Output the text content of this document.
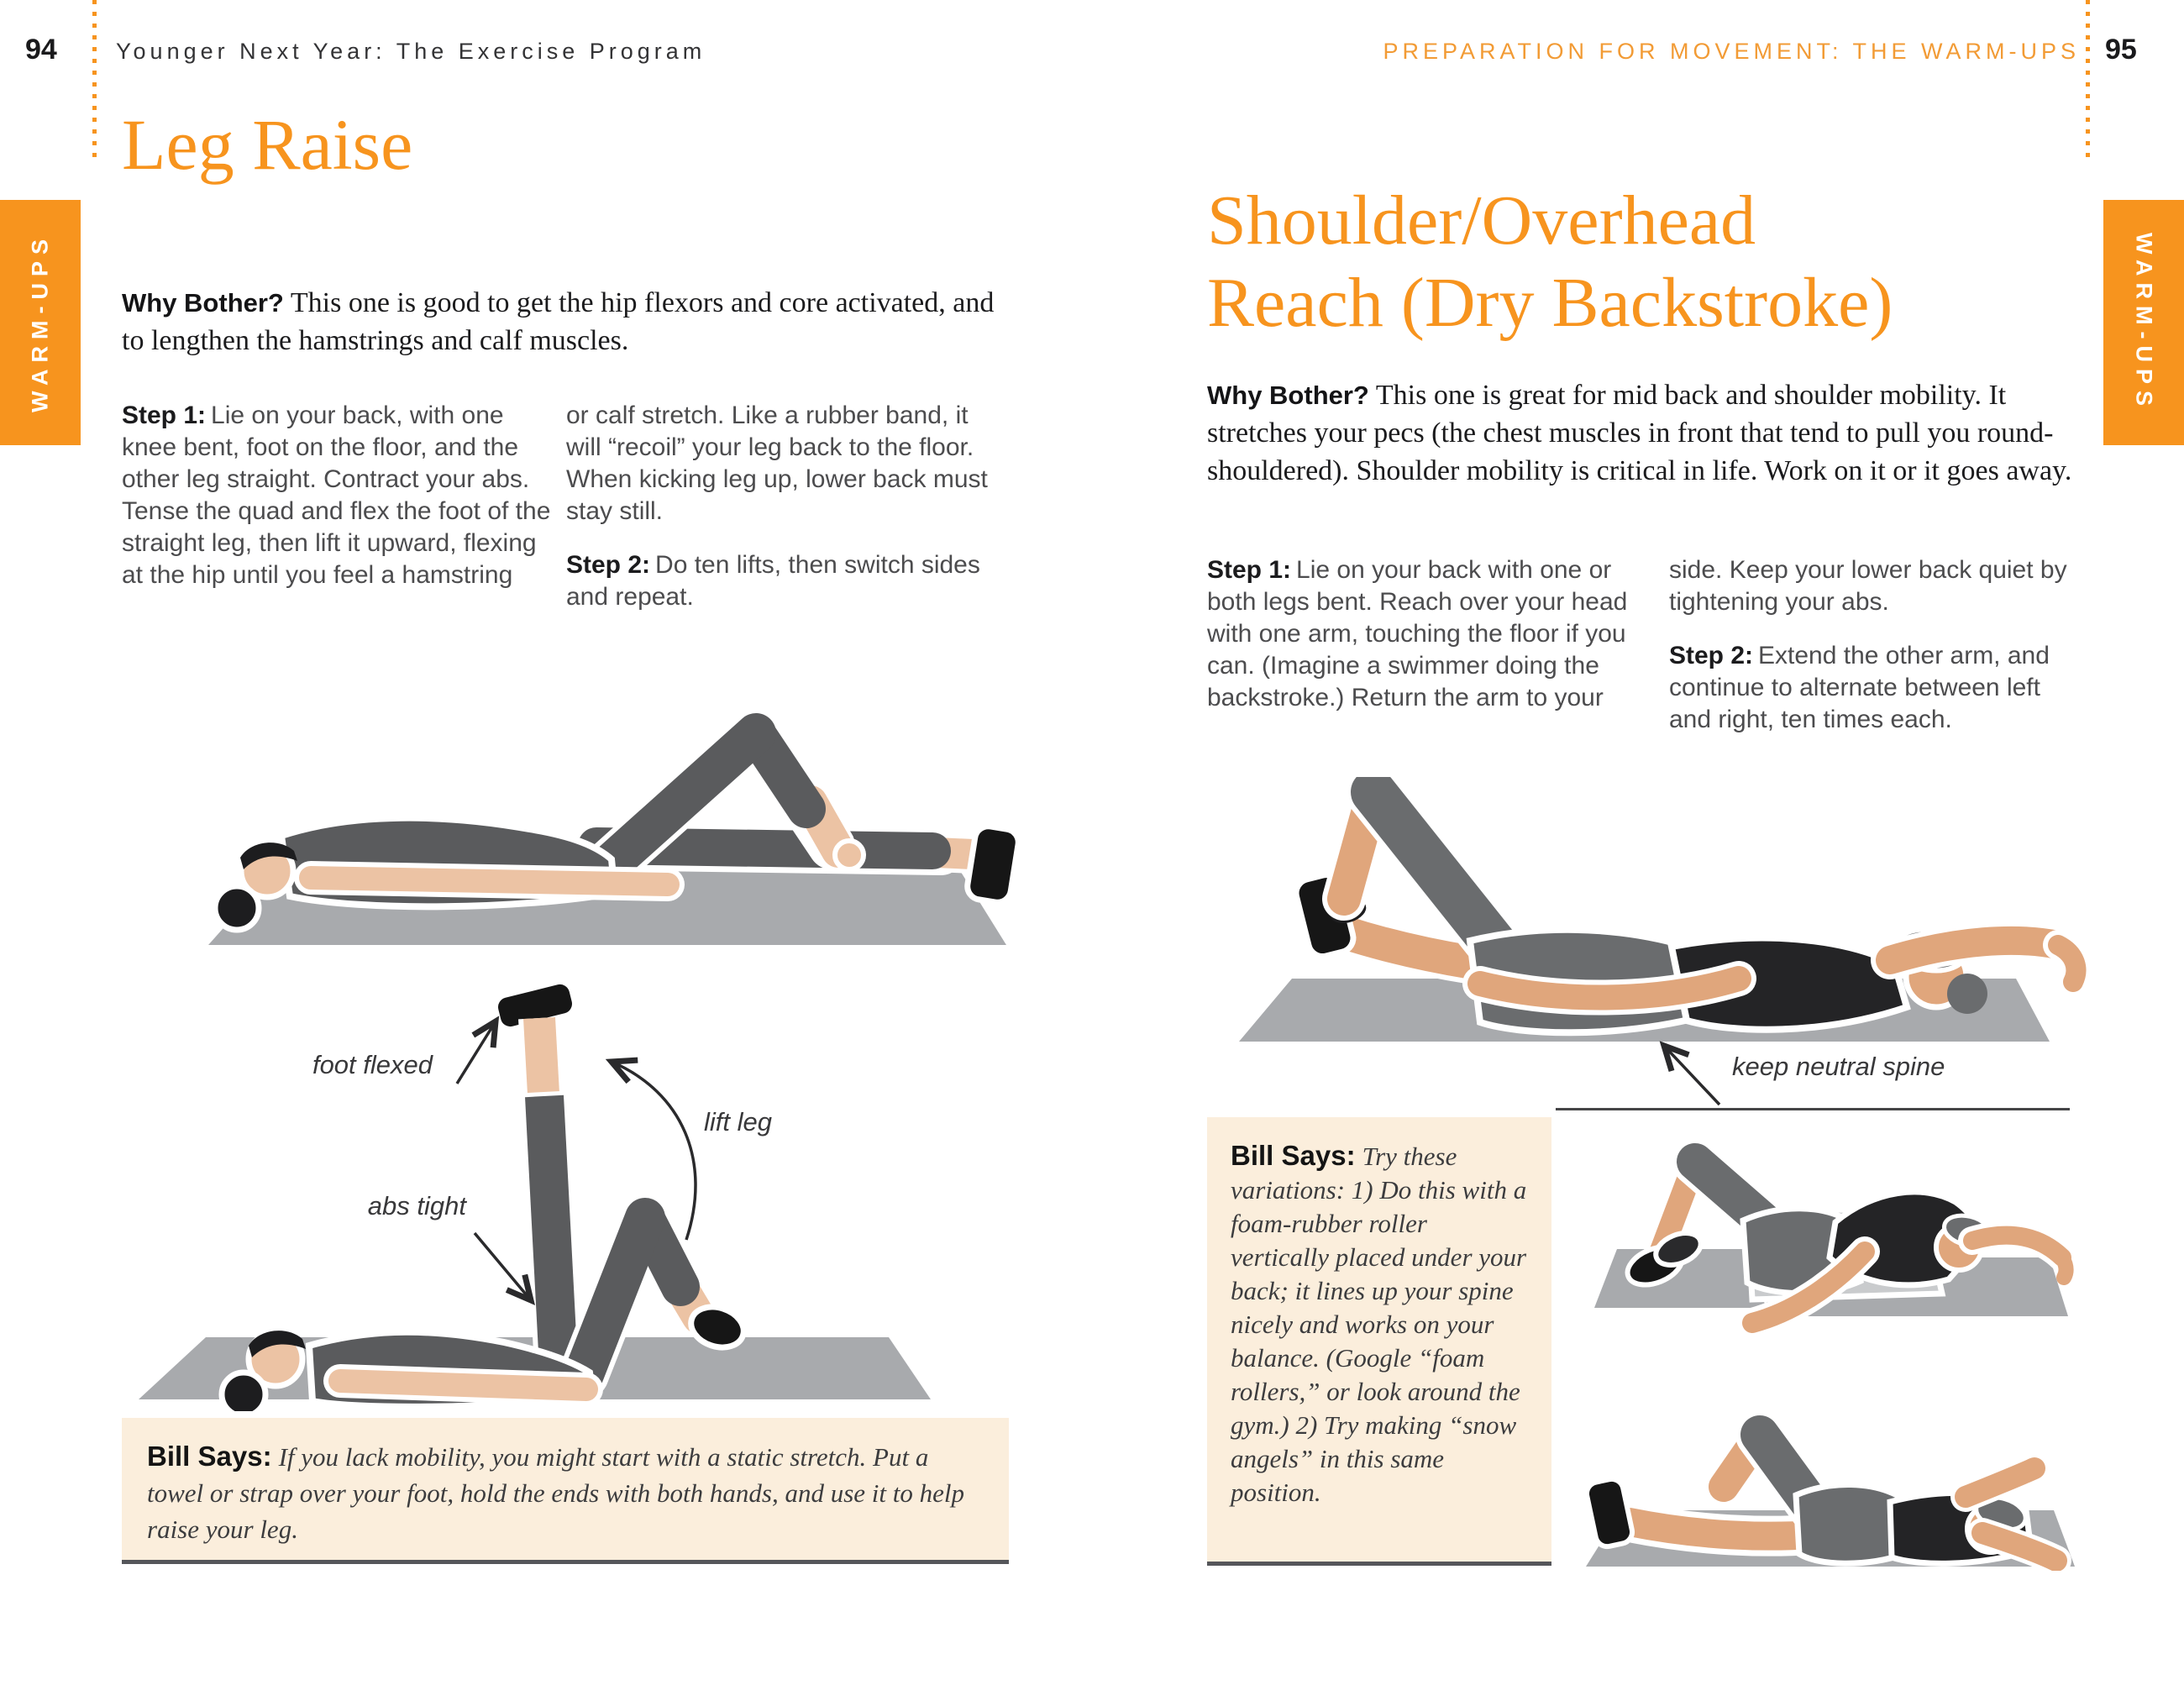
94	Younger Next Year: The Exercise Program	PREPARATION FOR MOVEMENT: THE WARM-UPS 95
WARM-UPS	WARM-UPS
Leg Raise
Why Bother? This one is good to get the hip flexors and core activated, and to lengthen the hamstrings and calf muscles.

Step 1: Lie on your back, with one knee bent, foot on the floor, and the other leg straight. Contract your abs. Tense the quad and flex the foot of the straight leg, then lift it upward, flexing at the hip until you feel a hamstring

or calf stretch. Like a rubber band, it will “recoil” your leg back to the floor. When kicking leg up, lower back must stay still.

Step 2: Do ten lifts, then switch sides and repeat.

foot flexed
lift leg
abs tight
Bill Says: If you lack mobility, you might start with a static stretch. Put a towel or strap over your foot, hold the ends with both hands, and use it to help raise your leg.
Shoulder/Overhead
Reach (Dry Backstroke)
Why Bother? This one is great for mid back and shoulder mobility. It stretches your pecs (the chest muscles in front that tend to pull you round-shouldered). Shoulder mobility is critical in life. Work on it or it goes away.

Step 1: Lie on your back with one or both legs bent. Reach over your head with one arm, touching the floor if you can. (Imagine a swimmer doing the backstroke.) Return the arm to your

side. Keep your lower back quiet by tightening your abs.

Step 2: Extend the other arm, and continue to alternate between left and right, ten times each.

keep neutral spine
Bill Says: Try these variations: 1) Do this with a foam-rubber roller vertically placed under your back; it lines up your spine nicely and works on your balance. (Google “foam rollers,” or look around the gym.) 2) Try making “snow angels” in this same position.
